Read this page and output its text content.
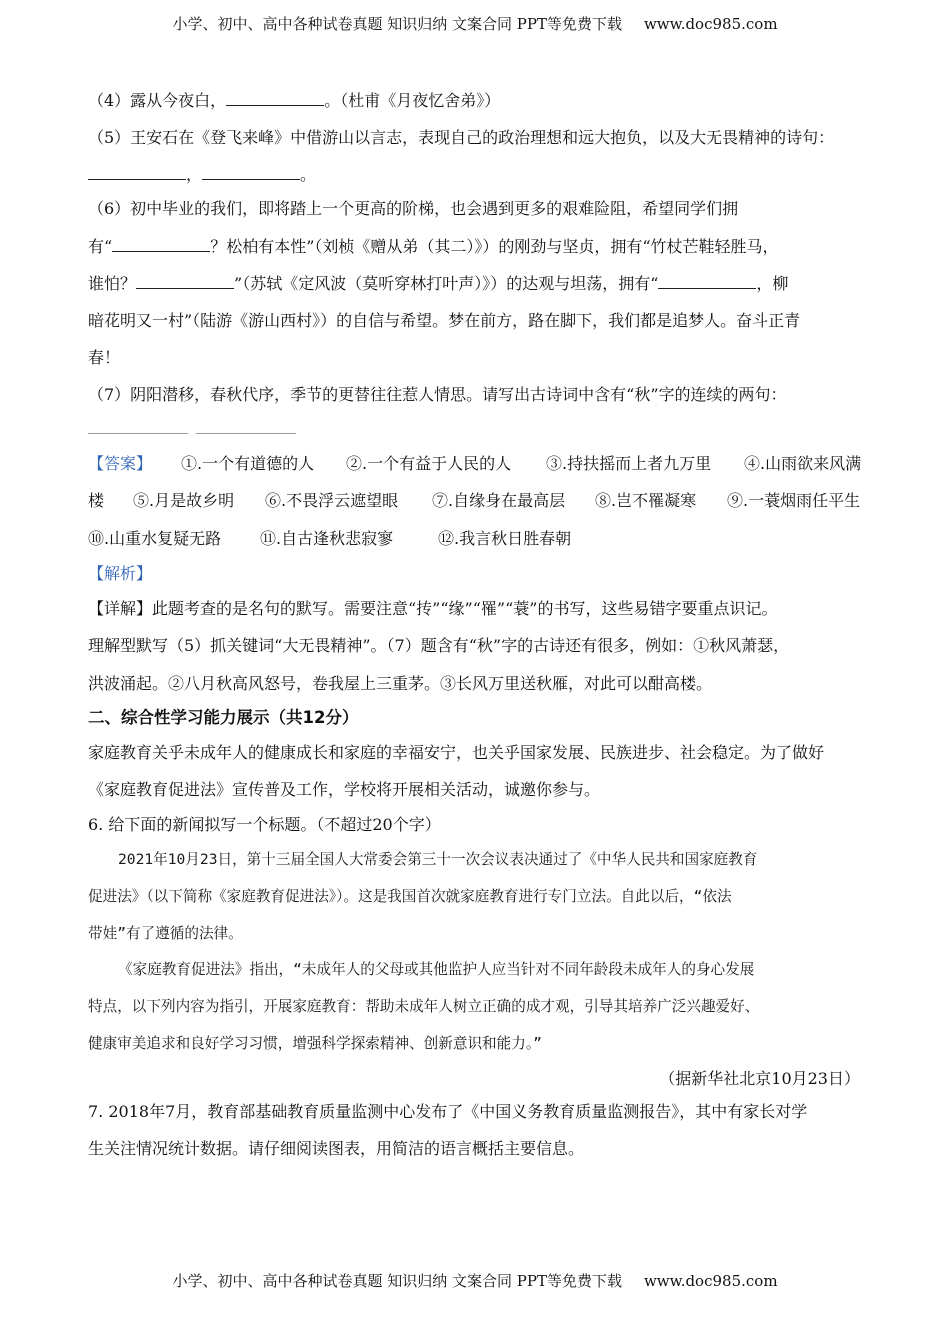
小学、初中、高中各种试卷真题 知识归纳 文案合同 PPT等免费下载 www.doc985.com
（4）露从今夜白，	。（杜甫《月夜忆舍弟》）
（5）王安石在《登飞来峰》中借游山以言志，表现自己的政治理想和远大抱负，以及大无畏精神的诗句：
，	。
（6）初中毕业的我们，即将踏上一个更高的阶梯，也会遇到更多的艰难险阻，希望同学们拥
有“	？松柏有本性”（刘桢《赠从弟（其二）》）的刚劲与坚贞，拥有“竹杖芒鞋轻胜马，
谁怕？	”（苏轼《定风波（莫听穿林打叶声）》）的达观与坦荡，拥有“	，柳
暗花明又一村”（陆游《游山西村》）的自信与希望。梦在前方，路在脚下，我们都是追梦人。奋斗正青
春！
（7）阴阳潜移，春秋代序，季节的更替往往惹人情思。请写出古诗词中含有“秋”字的连续的两句：
【答案】 ①.一个有道德的人 ②.一个有益于人民的人 ③.持扶摇而上者九万里 ④.山雨欲来风满
楼 ⑤.月是故乡明 ⑥.不畏浮云遮望眼 ⑦.自缘身在最高层 ⑧.岂不罹凝寒 ⑨.一蓑烟雨任平生
⑩.山重水复疑无路 ⑪.自古逢秋悲寂寥	⑫.我言秋日胜春朝
【解析】
【详解】此题考查的是名句的默写。需要注意“抟”“缘”“罹”“蓑”的书写，这些易错字要重点识记。
理解型默写（5）抓关键词“大无畏精神”。（7）题含有“秋”字的古诗还有很多，例如：①秋风萧瑟，
洪波涌起。②八月秋高风怒号，卷我屋上三重茅。③长风万里送秋雁，对此可以酣高楼。
二、综合性学习能力展示（共12分）
家庭教育关乎未成年人的健康成长和家庭的幸福安宁，也关乎国家发展、民族进步、社会稳定。为了做好
《家庭教育促进法》宣传普及工作，学校将开展相关活动，诚邀你参与。
6. 给下面的新闻拟写一个标题。（不超过20个字）
2021年10月23日，第十三届全国人大常委会第三十一次会议表决通过了《中华人民共和国家庭教育
促进法》（以下简称《家庭教育促进法》）。这是我国首次就家庭教育进行专门立法。自此以后，“依法
带娃”有了遵循的法律。
《家庭教育促进法》指出，“未成年人的父母或其他监护人应当针对不同年龄段未成年人的身心发展
特点，以下列内容为指引，开展家庭教育：帮助未成年人树立正确的成才观，引导其培养广泛兴趣爱好、
健康审美追求和良好学习习惯，增强科学探索精神、创新意识和能力。”
（据新华社北京10月23日）
7. 2018年7月，教育部基础教育质量监测中心发布了《中国义务教育质量监测报告》，其中有家长对学
生关注情况统计数据。请仔细阅读图表，用简洁的语言概括主要信息。
小学、初中、高中各种试卷真题 知识归纳 文案合同 PPT等免费下载 www.doc985.com
